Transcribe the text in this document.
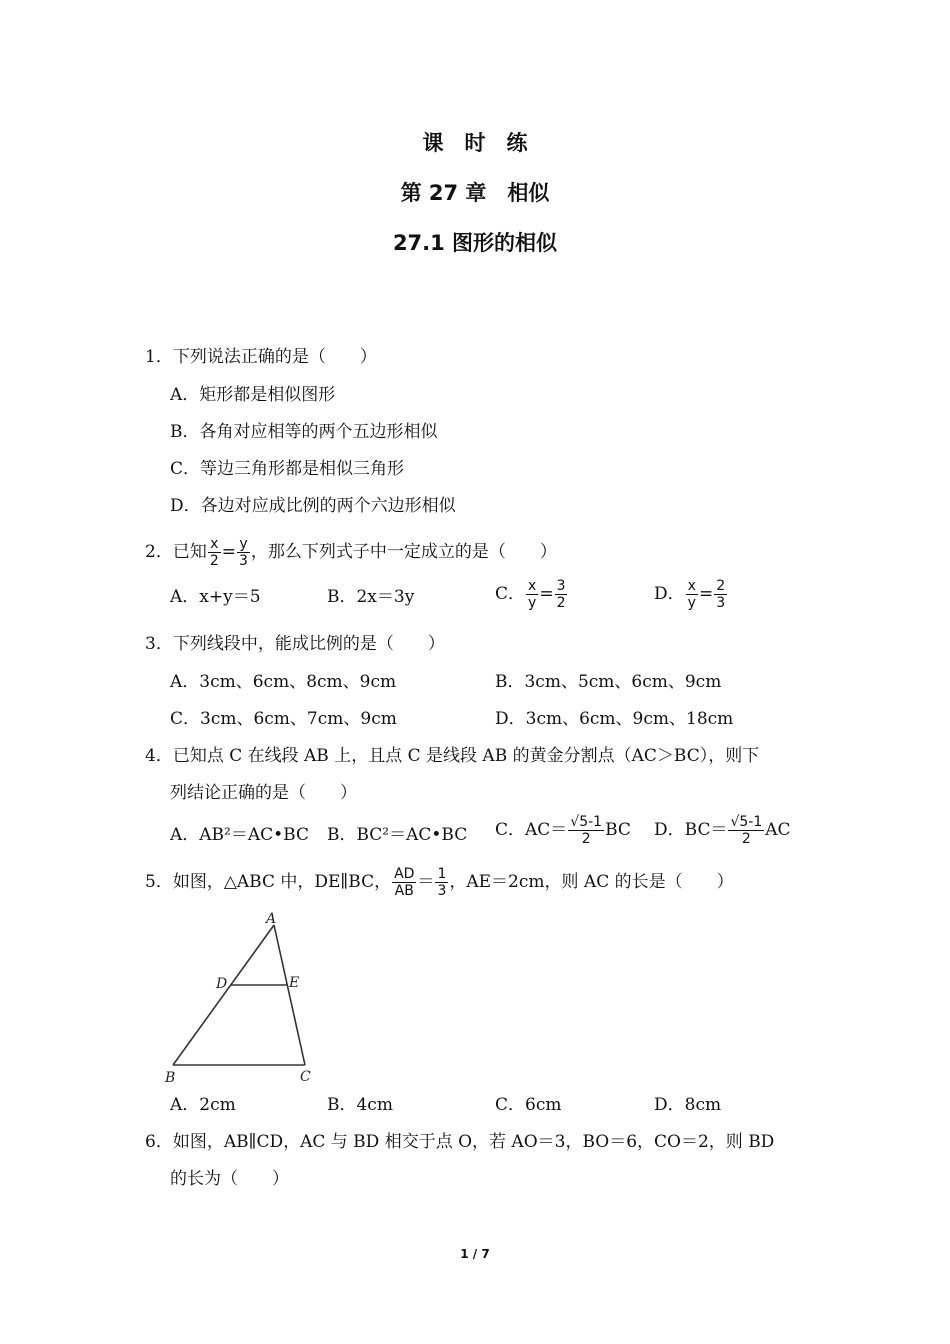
课　时　练
第 27 章　相似
27.1 图形的相似
1．下列说法正确的是（　　）
A．矩形都是相似图形
B．各角对应相等的两个五边形相似
C．等边三角形都是相似三角形
D．各边对应成比例的两个六边形相似
2．已知 $\frac{x}{2} = \frac{y}{3}$ ，那么下列式子中一定成立的是（　　）
A．x+y＝5	B．2x＝3y	C． $\frac{x}{y} = \frac{3}{2}$	D． $\frac{x}{y} = \frac{2}{3}$
3．下列线段中，能成比例的是（　　）
A．3cm、6cm、8cm、9cm	B．3cm、5cm、6cm、9cm
C．3cm、6cm、7cm、9cm	D．3cm、6cm、9cm、18cm
4．已知点 C 在线段 AB 上，且点 C 是线段 AB 的黄金分割点（AC＞BC），则下
列结论正确的是（　　）
A．AB²＝AC•BC B．BC²＝AC•BC C．$AC= \frac{√5-1}{2}$ BC D．$BC= \frac{√5-1}{2}$ AC
5．如图，△ABC 中，DE∥BC， $\frac{AD}{AB} = \frac{1}{3}$ ，AE＝2cm，则 AC 的长是（　　）
A
B	C
D	E
A．2cm	B．4cm	C．6cm	D．8cm
6．如图，AB∥CD，AC 与 BD 相交于点 O，若 AO＝3，BO＝6，CO＝2，则 BD
的长为（　　）
1 / 7
